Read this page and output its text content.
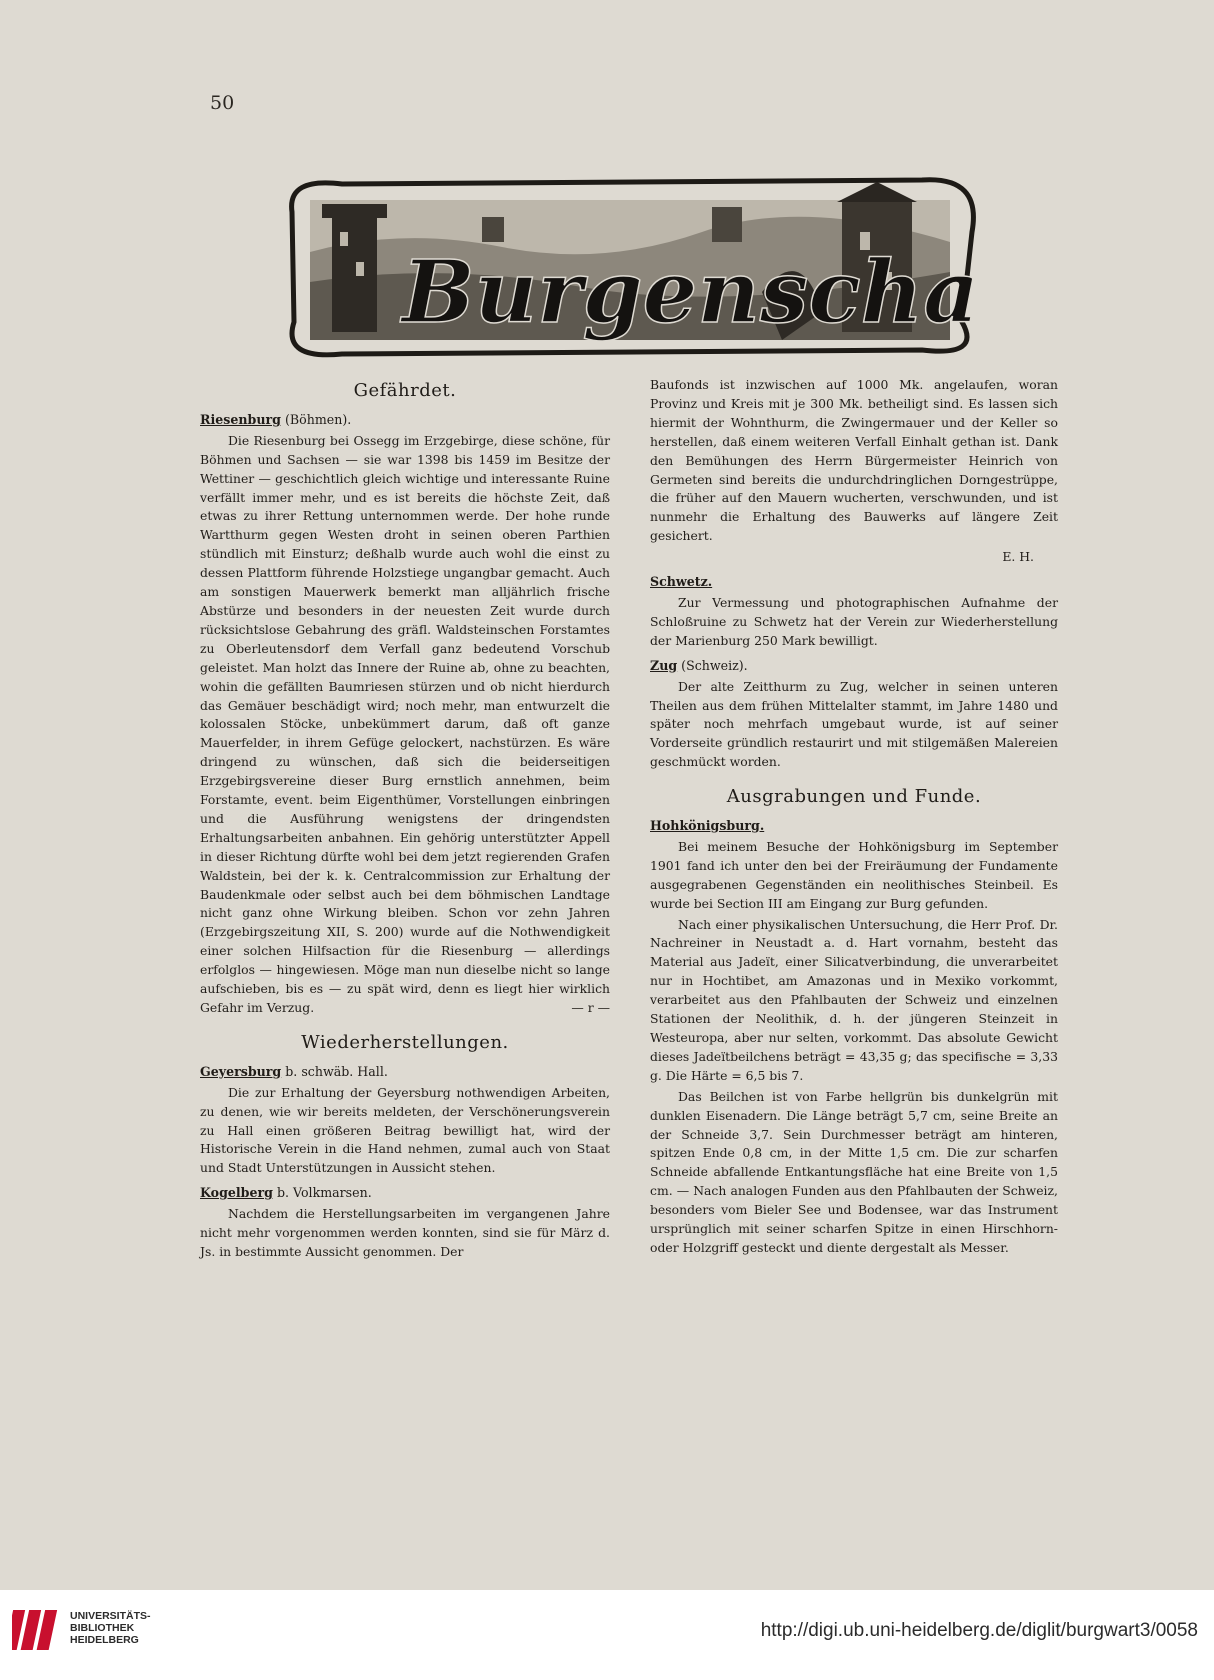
50
Burgenschau
Gefährdet.
Riesenburg (Böhmen).

Die Riesenburg bei Ossegg im Erzgebirge, diese schöne, für Böhmen und Sachsen — sie war 1398 bis 1459 im Besitze der Wettiner — geschichtlich gleich wichtige und interessante Ruine verfällt immer mehr, und es ist bereits die höchste Zeit, daß etwas zu ihrer Rettung unternommen werde. Der hohe runde Wartthurm gegen Westen droht in seinen oberen Parthien stündlich mit Einsturz; deßhalb wurde auch wohl die einst zu dessen Plattform führende Holzstiege ungangbar gemacht. Auch am sonstigen Mauerwerk bemerkt man alljährlich frische Abstürze und besonders in der neuesten Zeit wurde durch rücksichtslose Gebahrung des gräfl. Waldsteinschen Forstamtes zu Oberleutensdorf dem Verfall ganz bedeutend Vorschub geleistet. Man holzt das Innere der Ruine ab, ohne zu beachten, wohin die gefällten Baumriesen stürzen und ob nicht hierdurch das Gemäuer beschädigt wird; noch mehr, man entwurzelt die kolossalen Stöcke, unbekümmert darum, daß oft ganze Mauerfelder, in ihrem Gefüge gelockert, nachstürzen. Es wäre dringend zu wünschen, daß sich die beiderseitigen Erzgebirgsvereine dieser Burg ernstlich annehmen, beim Forstamte, event. beim Eigenthümer, Vorstellungen einbringen und die Ausführung wenigstens der dringendsten Erhaltungsarbeiten anbahnen. Ein gehörig unterstützter Appell in dieser Richtung dürfte wohl bei dem jetzt regierenden Grafen Waldstein, bei der k. k. Centralcommission zur Erhaltung der Baudenkmale oder selbst auch bei dem böhmischen Landtage nicht ganz ohne Wirkung bleiben. Schon vor zehn Jahren (Erzgebirgszeitung XII, S. 200) wurde auf die Nothwendigkeit einer solchen Hilfsaction für die Riesenburg — allerdings erfolglos — hingewiesen. Möge man nun dieselbe nicht so lange aufschieben, bis es — zu spät wird, denn es liegt hier wirklich Gefahr im Verzug.	— r —

Wiederherstellungen.
Geyersburg b. schwäb. Hall.

Die zur Erhaltung der Geyersburg nothwendigen Arbeiten, zu denen, wie wir bereits meldeten, der Verschönerungsverein zu Hall einen größeren Beitrag bewilligt hat, wird der Historische Verein in die Hand nehmen, zumal auch von Staat und Stadt Unterstützungen in Aussicht stehen.

Kogelberg b. Volkmarsen.

Nachdem die Herstellungsarbeiten im vergangenen Jahre nicht mehr vorgenommen werden konnten, sind sie für März d. Js. in bestimmte Aussicht genommen. Der

Baufonds ist inzwischen auf 1000 Mk. angelaufen, woran Provinz und Kreis mit je 300 Mk. betheiligt sind. Es lassen sich hiermit der Wohnthurm, die Zwingermauer und der Keller so herstellen, daß einem weiteren Verfall Einhalt gethan ist. Dank den Bemühungen des Herrn Bürgermeister Heinrich von Germeten sind bereits die undurchdringlichen Dorngestrüppe, die früher auf den Mauern wucherten, verschwunden, und ist nunmehr die Erhaltung des Bauwerks auf längere Zeit gesichert.

E. H.
Schwetz.

Zur Vermessung und photographischen Aufnahme der Schloßruine zu Schwetz hat der Verein zur Wiederherstellung der Marienburg 250 Mark bewilligt.

Zug (Schweiz).

Der alte Zeitthurm zu Zug, welcher in seinen unteren Theilen aus dem frühen Mittelalter stammt, im Jahre 1480 und später noch mehrfach umgebaut wurde, ist auf seiner Vorderseite gründlich restaurirt und mit stilgemäßen Malereien geschmückt worden.

Ausgrabungen und Funde.
Hohkönigsburg.

Bei meinem Besuche der Hohkönigsburg im September 1901 fand ich unter den bei der Freiräumung der Fundamente ausgegrabenen Gegenständen ein neolithisches Steinbeil. Es wurde bei Section III am Eingang zur Burg gefunden.

Nach einer physikalischen Untersuchung, die Herr Prof. Dr. Nachreiner in Neustadt a. d. Hart vornahm, besteht das Material aus Jadeït, einer Silicatverbindung, die unverarbeitet nur in Hochtibet, am Amazonas und in Mexiko vorkommt, verarbeitet aus den Pfahlbauten der Schweiz und einzelnen Stationen der Neolithik, d. h. der jüngeren Steinzeit in Westeuropa, aber nur selten, vorkommt. Das absolute Gewicht dieses Jadeïtbeilchens beträgt = 43,35 g; das specifische = 3,33 g. Die Härte = 6,5 bis 7.

Das Beilchen ist von Farbe hellgrün bis dunkelgrün mit dunklen Eisenadern. Die Länge beträgt 5,7 cm, seine Breite an der Schneide 3,7. Sein Durchmesser beträgt am hinteren, spitzen Ende 0,8 cm, in der Mitte 1,5 cm. Die zur scharfen Schneide abfallende Entkantungsfläche hat eine Breite von 1,5 cm. — Nach analogen Funden aus den Pfahlbauten der Schweiz, besonders vom Bieler See und Bodensee, war das Instrument ursprünglich mit seiner scharfen Spitze in einen Hirschhorn- oder Holzgriff gesteckt und diente dergestalt als Messer.

UNIVERSITÄTS-
BIBLIOTHEK
HEIDELBERG	http://digi.ub.uni-heidelberg.de/diglit/burgwart3/0058
